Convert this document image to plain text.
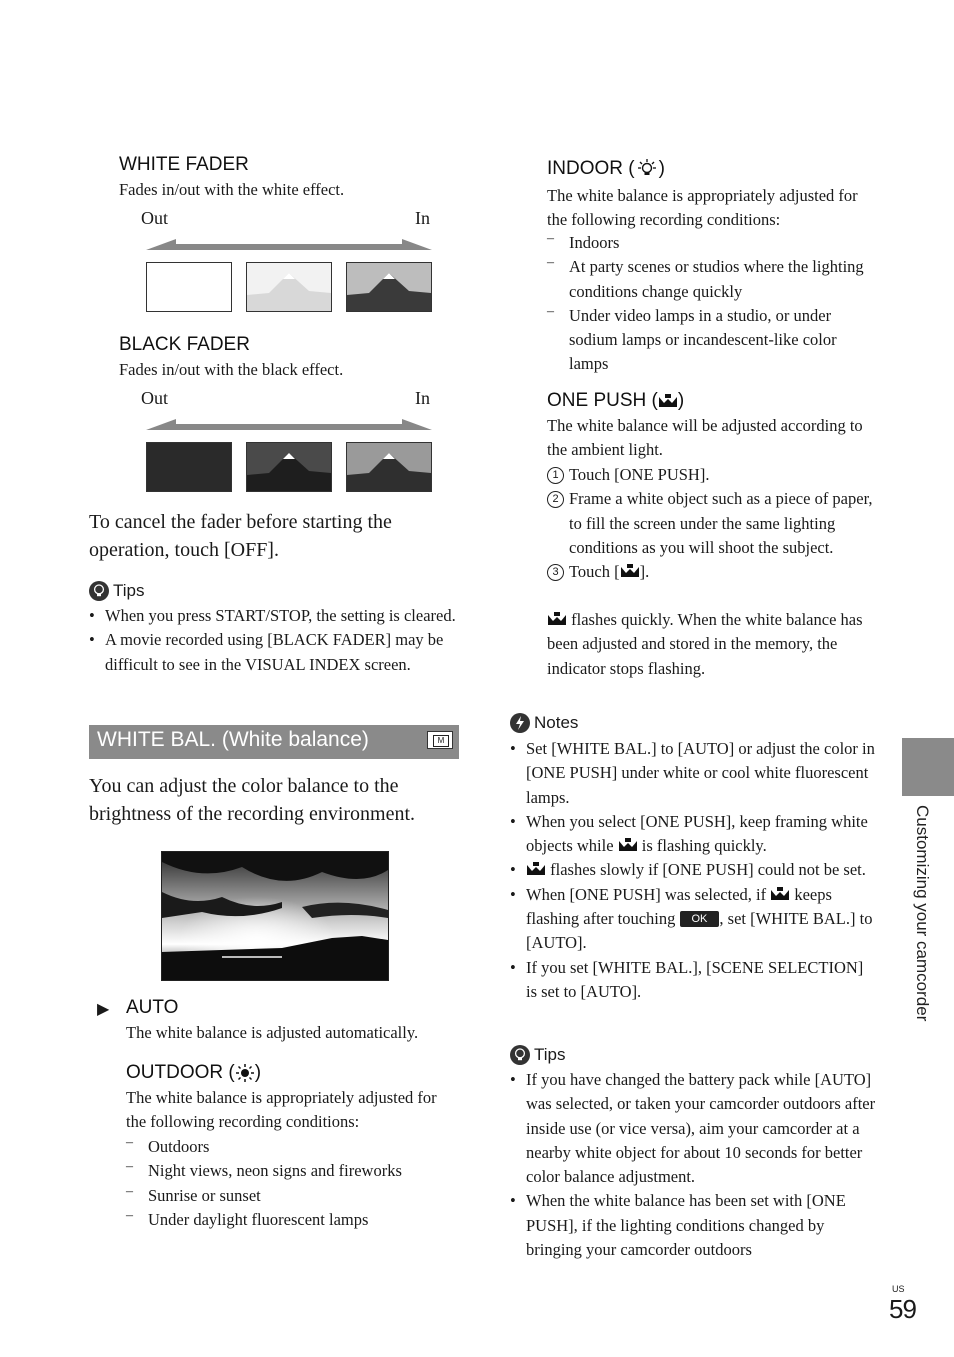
WHITE FADER
Fades in/out with the white effect.
Out	In
BLACK FADER
Fades in/out with the black effect.
Out	In
To cancel the fader before starting the operation, touch [OFF].
Tips
• When you press START/STOP, the setting is cleared.
• A movie recorded using [BLACK FADER] may be difficult to see in the VISUAL INDEX screen.
WHITE BAL. (White balance)	M
You can adjust the color balance to the brightness of the recording environment.
▶ AUTO
The white balance is adjusted automatically.
OUTDOOR ( )
The white balance is appropriately adjusted for the following recording conditions:
– Outdoors
– Night views, neon signs and fireworks
– Sunrise or sunset
– Under daylight fluorescent lamps
INDOOR ( )
The white balance is appropriately adjusted for the following recording conditions:
– Indoors
– At party scenes or studios where the lighting conditions change quickly
– Under video lamps in a studio, or under sodium lamps or incandescent-like color lamps
ONE PUSH ( )
The white balance will be adjusted according to the ambient light.
1 Touch [ONE PUSH].
2 Frame a white object such as a piece of paper, to fill the screen under the same lighting conditions as you will shoot the subject.
3 Touch [ ].
flashes quickly. When the white balance has been adjusted and stored in the memory, the indicator stops flashing.
Notes
• Set [WHITE BAL.] to [AUTO] or adjust the color in [ONE PUSH] under white or cool white fluorescent lamps.
• When you select [ONE PUSH], keep framing white objects while is flashing quickly.
• flashes slowly if [ONE PUSH] could not be set.
• When [ONE PUSH] was selected, if keeps flashing after touching OK , set [WHITE BAL.] to [AUTO].
• If you set [WHITE BAL.], [SCENE SELECTION] is set to [AUTO].
Tips
• If you have changed the battery pack while [AUTO] was selected, or taken your camcorder outdoors after inside use (or vice versa), aim your camcorder at a nearby white object for about 10 seconds for better color balance adjustment.
• When the white balance has been set with [ONE PUSH], if the lighting conditions changed by bringing your camcorder outdoors
Customizing your camcorder
US
59
